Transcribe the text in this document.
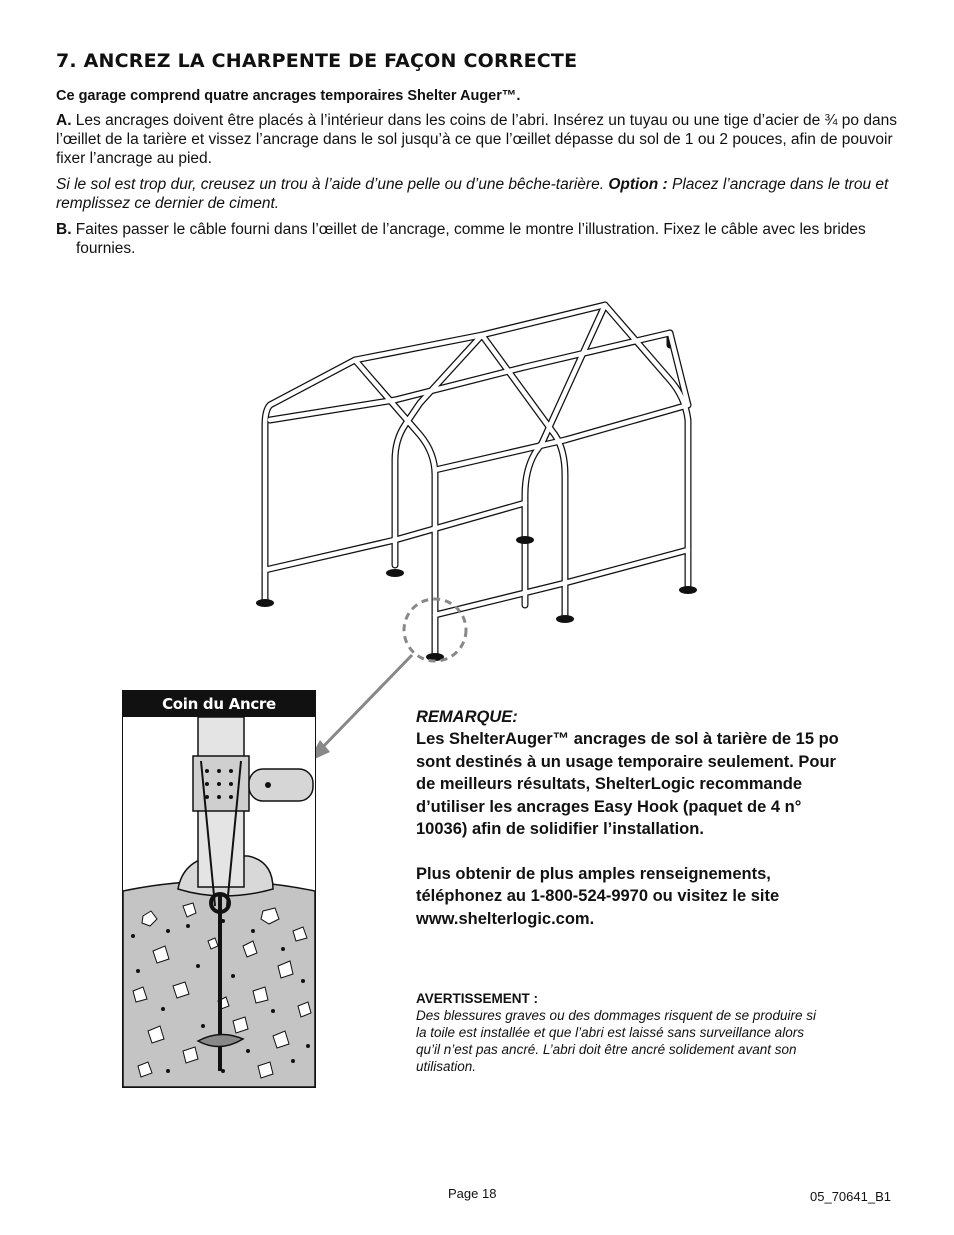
7. ANCREZ LA CHARPENTE DE FAÇON CORRECTE
Ce garage comprend quatre ancrages temporaires Shelter Auger™.
A. Les ancrages doivent être placés à l’intérieur dans les coins de l’abri. Insérez un tuyau ou une tige d’acier de ¾ po dans l’œillet de la tarière et vissez l’ancrage dans le sol jusqu’à ce que l’œillet dépasse du sol de 1 ou 2 pouces, afin de pouvoir fixer l’ancrage au pied.
Si le sol est trop dur, creusez un trou à l’aide d’une pelle ou d’une bêche-tarière. Option : Placez l’ancrage dans le trou et remplissez ce dernier de ciment.
B. Faites passer le câble fourni dans l’œillet de l’ancrage, comme le montre l’illustration. Fixez le câble avec les brides fournies.
Coin du Ancre
REMARQUE:
Les ShelterAuger™ ancrages de sol à tarière de 15 po sont destinés à un usage temporaire seulement. Pour de meilleurs résultats, ShelterLogic recommande d’utiliser les ancrages Easy Hook (paquet de 4 n° 10036) afin de solidifier l’installation.
Plus obtenir de plus amples renseignements, téléphonez au 1-800-524-9970 ou visitez le site www.shelterlogic.com.
AVERTISSEMENT :
Des blessures graves ou des dommages risquent de se produire si la toile est installée et que l’abri est laissé sans surveillance alors qu’il n’est pas ancré. L’abri doit être ancré solidement avant son utilisation.
Page 18	05_70641_B1
